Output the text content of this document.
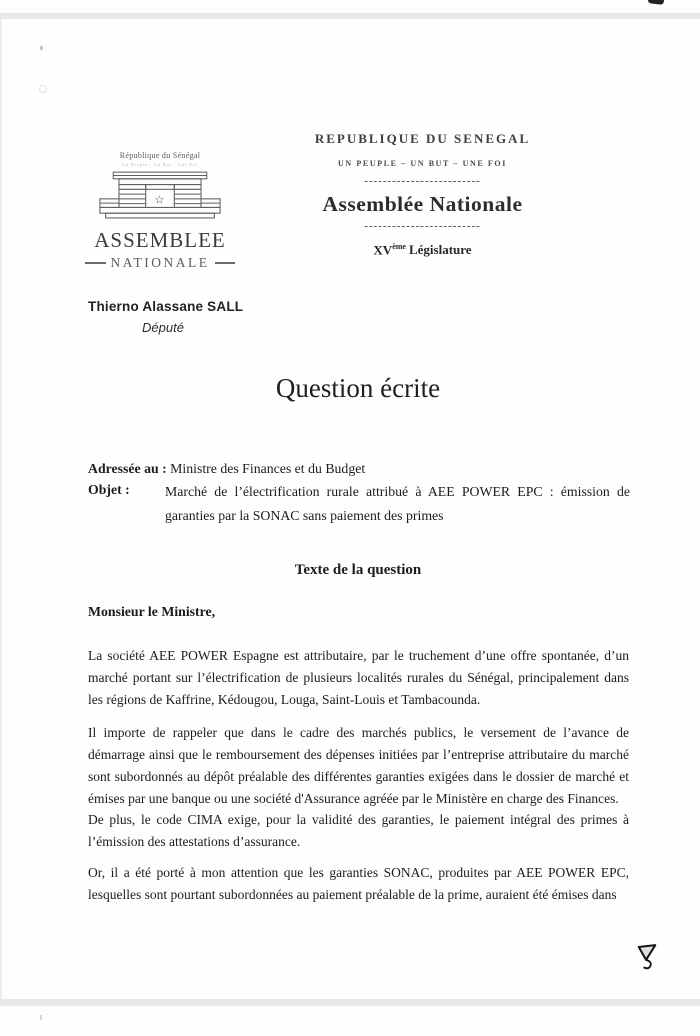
REPUBLIQUE DU SENEGAL
UN PEUPLE – UN BUT – UNE FOI
-------------------------
Assemblée Nationale
-------------------------
XVème Législature
République du Sénégal
Un Peuple - Un But - Une Foi
☆
ASSEMBLEE
NATIONALE
Thierno Alassane SALL
Député
Question écrite

Adressée au : Ministre des Finances et du Budget

Objet :	Marché de l’électrification rurale attribué à AEE POWER EPC : émission de garanties par la SONAC sans paiement des primes
Texte de la question
Monsieur le Ministre,

La société AEE POWER Espagne est attributaire, par le truchement d’une offre spontanée, d’un marché portant sur l’électrification de plusieurs localités rurales du Sénégal, principalement dans les régions de Kaffrine, Kédougou, Louga, Saint-Louis et Tambacounda.

Il importe de rappeler que dans le cadre des marchés publics, le versement de l’avance de démarrage ainsi que le remboursement des dépenses initiées par l’entreprise attributaire du marché sont subordonnés au dépôt préalable des différentes garanties exigées dans le dossier de marché et émises par une banque ou une société d'Assurance agréée par le Ministère en charge des Finances.

De plus, le code CIMA exige, pour la validité des garanties, le paiement intégral des primes à l’émission des attestations d’assurance.

Or, il a été porté à mon attention que les garanties SONAC, produites par AEE POWER EPC, lesquelles sont pourtant subordonnées au paiement préalable de la prime, auraient été émises dans
